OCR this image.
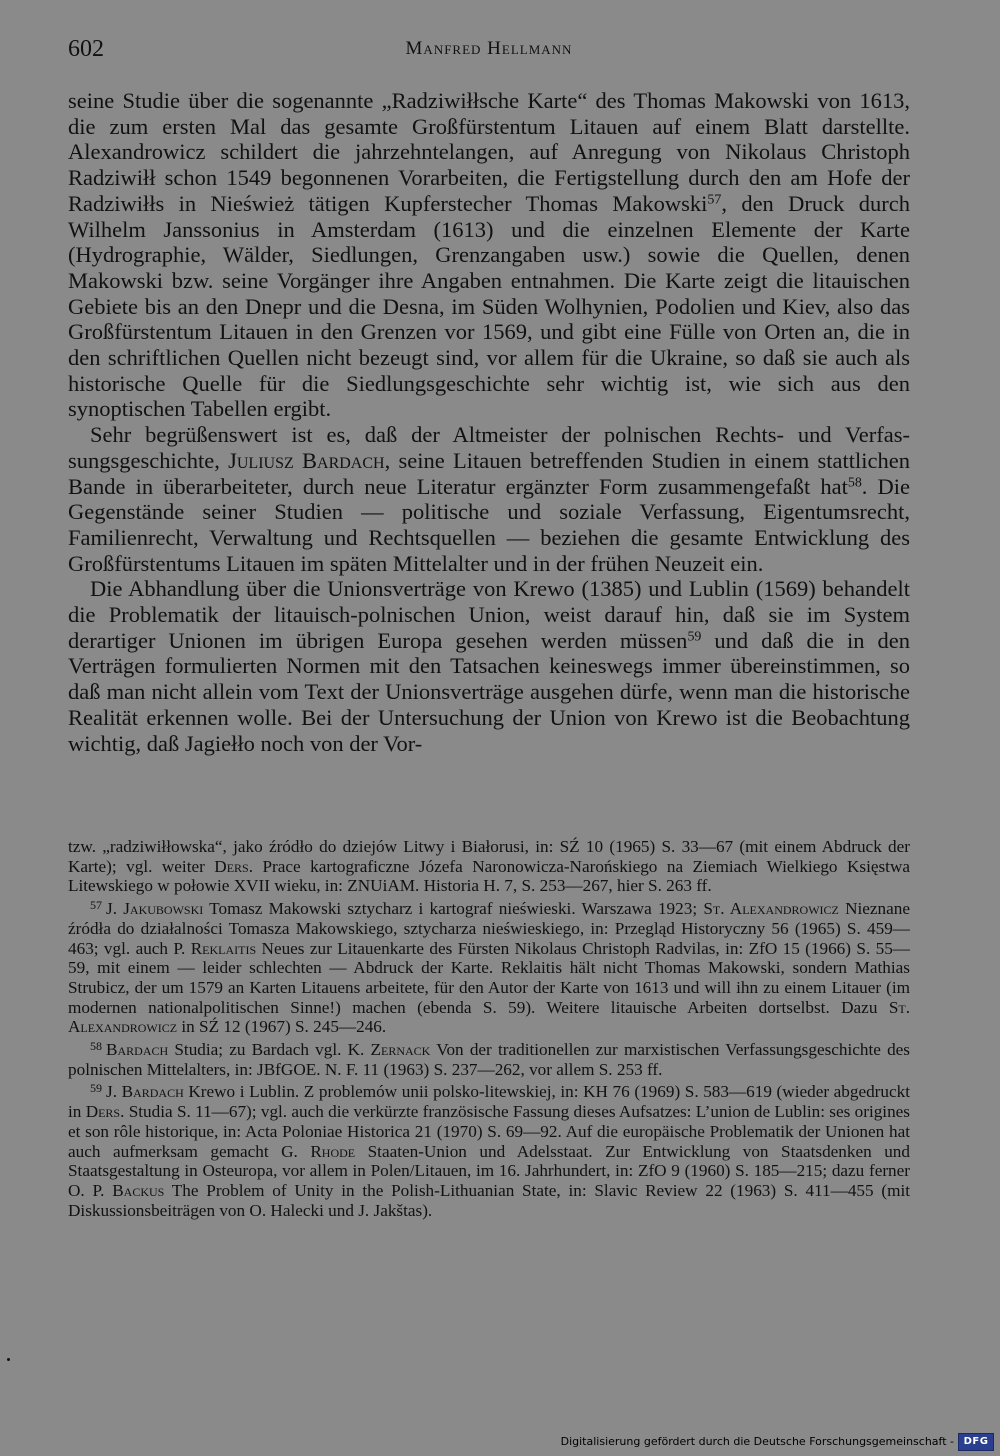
602	Manfred Hellmann

seine Studie über die sogenannte „Radziwiłłsche Karte“ des Thomas Makowski von 1613, die zum ersten Mal das gesamte Großfürstentum Litauen auf einem Blatt darstellte. Alexandrowicz schildert die jahrzehntelangen, auf Anregung von Nikolaus Christoph Radziwiłł schon 1549 begonnenen Vorarbeiten, die Fertigstellung durch den am Hofe der Radziwiłłs in Nieśwież tätigen Kupferstecher Thomas Makowski$^{57}$, den Druck durch Wilhelm Janssonius in Amsterdam (1613) und die einzelnen Elemente der Karte (Hydrographie, Wälder, Siedlungen, Grenzangaben usw.) sowie die Quellen, denen Makowski bzw. seine Vorgänger ihre Angaben entnahmen. Die Karte zeigt die litauischen Gebiete bis an den Dnepr und die Desna, im Süden Wolhynien, Podolien und Kiev, also das Großfürstentum Litauen in den Grenzen vor 1569, und gibt eine Fülle von Orten an, die in den schriftlichen Quellen nicht bezeugt sind, vor allem für die Ukraine, so daß sie auch als historische Quelle für die Siedlungsgeschichte sehr wichtig ist, wie sich aus den synoptischen Tabellen ergibt.

Sehr begrüßenswert ist es, daß der Altmeister der polnischen Rechts- und Verfassungsgeschichte, Juliusz Bardach, seine Litauen betreffenden Studien in einem stattlichen Bande in überarbeiteter, durch neue Literatur ergänzter Form zusammengefaßt hat$^{58}$. Die Gegenstände seiner Studien — politische und soziale Verfassung, Eigentumsrecht, Familienrecht, Verwaltung und Rechtsquellen — beziehen die gesamte Entwicklung des Großfürstentums Litauen im späten Mittelalter und in der frühen Neuzeit ein.

Die Abhandlung über die Unionsverträge von Krewo (1385) und Lublin (1569) behandelt die Problematik der litauisch-polnischen Union, weist darauf hin, daß sie im System derartiger Unionen im übrigen Europa gesehen werden müssen$^{59}$ und daß die in den Verträgen formulierten Normen mit den Tatsachen keineswegs immer übereinstimmen, so daß man nicht allein vom Text der Unionsverträge ausgehen dürfe, wenn man die historische Realität erkennen wolle. Bei der Untersuchung der Union von Krewo ist die Beobachtung wichtig, daß Jagiełło noch von der Vor-

tzw. „radziwiłłowska“, jako źródło do dziejów Litwy i Białorusi, in: SŹ 10 (1965) S. 33—67 (mit einem Abdruck der Karte); vgl. weiter Ders. Prace kartograficzne Józefa Naronowicza-Narońskiego na Ziemiach Wielkiego Księstwa Litewskiego w połowie XVII wieku, in: ZNUiAM. Historia H. 7, S. 253—267, hier S. 263 ff.

$^{57}$ J. Jakubowski Tomasz Makowski sztycharz i kartograf nieświeski. Warszawa 1923; St. Alexandrowicz Nieznane źródła do działalności Tomasza Makowskiego, sztycharza nieświeskiego, in: Przegląd Historyczny 56 (1965) S. 459—463; vgl. auch P. Reklaitis Neues zur Litauenkarte des Fürsten Nikolaus Christoph Radvilas, in: ZfO 15 (1966) S. 55—59, mit einem — leider schlechten — Abdruck der Karte. Reklaitis hält nicht Thomas Makowski, sondern Mathias Strubicz, der um 1579 an Karten Litauens arbeitete, für den Autor der Karte von 1613 und will ihn zu einem Litauer (im modernen nationalpolitischen Sinne!) machen (ebenda S. 59). Weitere litauische Arbeiten dortselbst. Dazu St. Alexandrowicz in SŹ 12 (1967) S. 245—246.

$^{58}$ Bardach Studia; zu Bardach vgl. K. Zernack Von der traditionellen zur marxistischen Verfassungsgeschichte des polnischen Mittelalters, in: JBfGOE. N. F. 11 (1963) S. 237—262, vor allem S. 253 ff.

$^{59}$ J. Bardach Krewo i Lublin. Z problemów unii polsko-litewskiej, in: KH 76 (1969) S. 583—619 (wieder abgedruckt in Ders. Studia S. 11—67); vgl. auch die verkürzte französische Fassung dieses Aufsatzes: L’union de Lublin: ses origines et son rôle historique, in: Acta Poloniae Historica 21 (1970) S. 69—92. Auf die europäische Problematik der Unionen hat auch aufmerksam gemacht G. Rhode Staaten-Union und Adelsstaat. Zur Entwicklung von Staatsdenken und Staatsgestaltung in Osteuropa, vor allem in Polen/Litauen, im 16. Jahrhundert, in: ZfO 9 (1960) S. 185—215; dazu ferner O. P. Backus The Problem of Unity in the Polish-Lithuanian State, in: Slavic Review 22 (1963) S. 411—455 (mit Diskussionsbeiträgen von O. Halecki und J. Jakštas).

Digitalisierung gefördert durch die Deutsche Forschungsgemeinschaft - DFG
